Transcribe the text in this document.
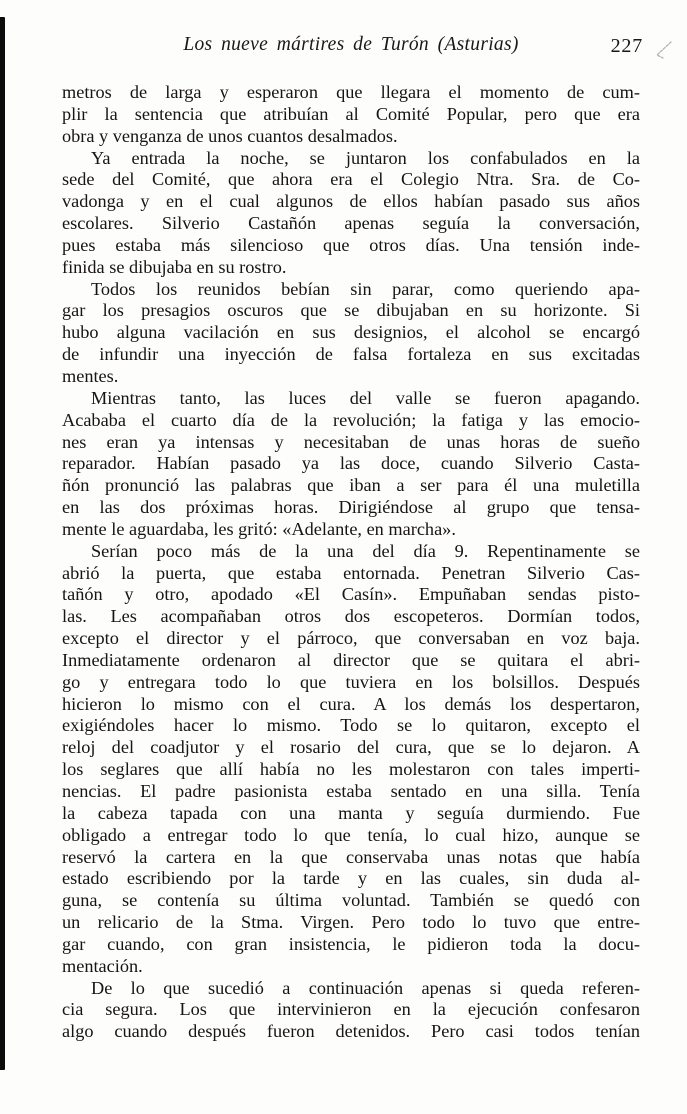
Los nueve mártires de Turón (Asturias)	227
metros de larga y esperaron que llegara el momento de cum-
plir la sentencia que atribuían al Comité Popular, pero que era
obra y venganza de unos cuantos desalmados.
Ya entrada la noche, se juntaron los confabulados en la
sede del Comité, que ahora era el Colegio Ntra. Sra. de Co-
vadonga y en el cual algunos de ellos habían pasado sus años
escolares. Silverio Castañón apenas seguía la conversación,
pues estaba más silencioso que otros días. Una tensión inde-
finida se dibujaba en su rostro.
Todos los reunidos bebían sin parar, como queriendo apa-
gar los presagios oscuros que se dibujaban en su horizonte. Si
hubo alguna vacilación en sus designios, el alcohol se encargó
de infundir una inyección de falsa fortaleza en sus excitadas
mentes.
Mientras tanto, las luces del valle se fueron apagando.
Acababa el cuarto día de la revolución; la fatiga y las emocio-
nes eran ya intensas y necesitaban de unas horas de sueño
reparador. Habían pasado ya las doce, cuando Silverio Casta-
ñón pronunció las palabras que iban a ser para él una muletilla
en las dos próximas horas. Dirigiéndose al grupo que tensa-
mente le aguardaba, les gritó: «Adelante, en marcha».
Serían poco más de la una del día 9. Repentinamente se
abrió la puerta, que estaba entornada. Penetran Silverio Cas-
tañón y otro, apodado «El Casín». Empuñaban sendas pisto-
las. Les acompañaban otros dos escopeteros. Dormían todos,
excepto el director y el párroco, que conversaban en voz baja.
Inmediatamente ordenaron al director que se quitara el abri-
go y entregara todo lo que tuviera en los bolsillos. Después
hicieron lo mismo con el cura. A los demás los despertaron,
exigiéndoles hacer lo mismo. Todo se lo quitaron, excepto el
reloj del coadjutor y el rosario del cura, que se lo dejaron. A
los seglares que allí había no les molestaron con tales imperti-
nencias. El padre pasionista estaba sentado en una silla. Tenía
la cabeza tapada con una manta y seguía durmiendo. Fue
obligado a entregar todo lo que tenía, lo cual hizo, aunque se
reservó la cartera en la que conservaba unas notas que había
estado escribiendo por la tarde y en las cuales, sin duda al-
guna, se contenía su última voluntad. También se quedó con
un relicario de la Stma. Virgen. Pero todo lo tuvo que entre-
gar cuando, con gran insistencia, le pidieron toda la docu-
mentación.
De lo que sucedió a continuación apenas si queda referen-
cia segura. Los que intervinieron en la ejecución confesaron
algo cuando después fueron detenidos. Pero casi todos tenían
